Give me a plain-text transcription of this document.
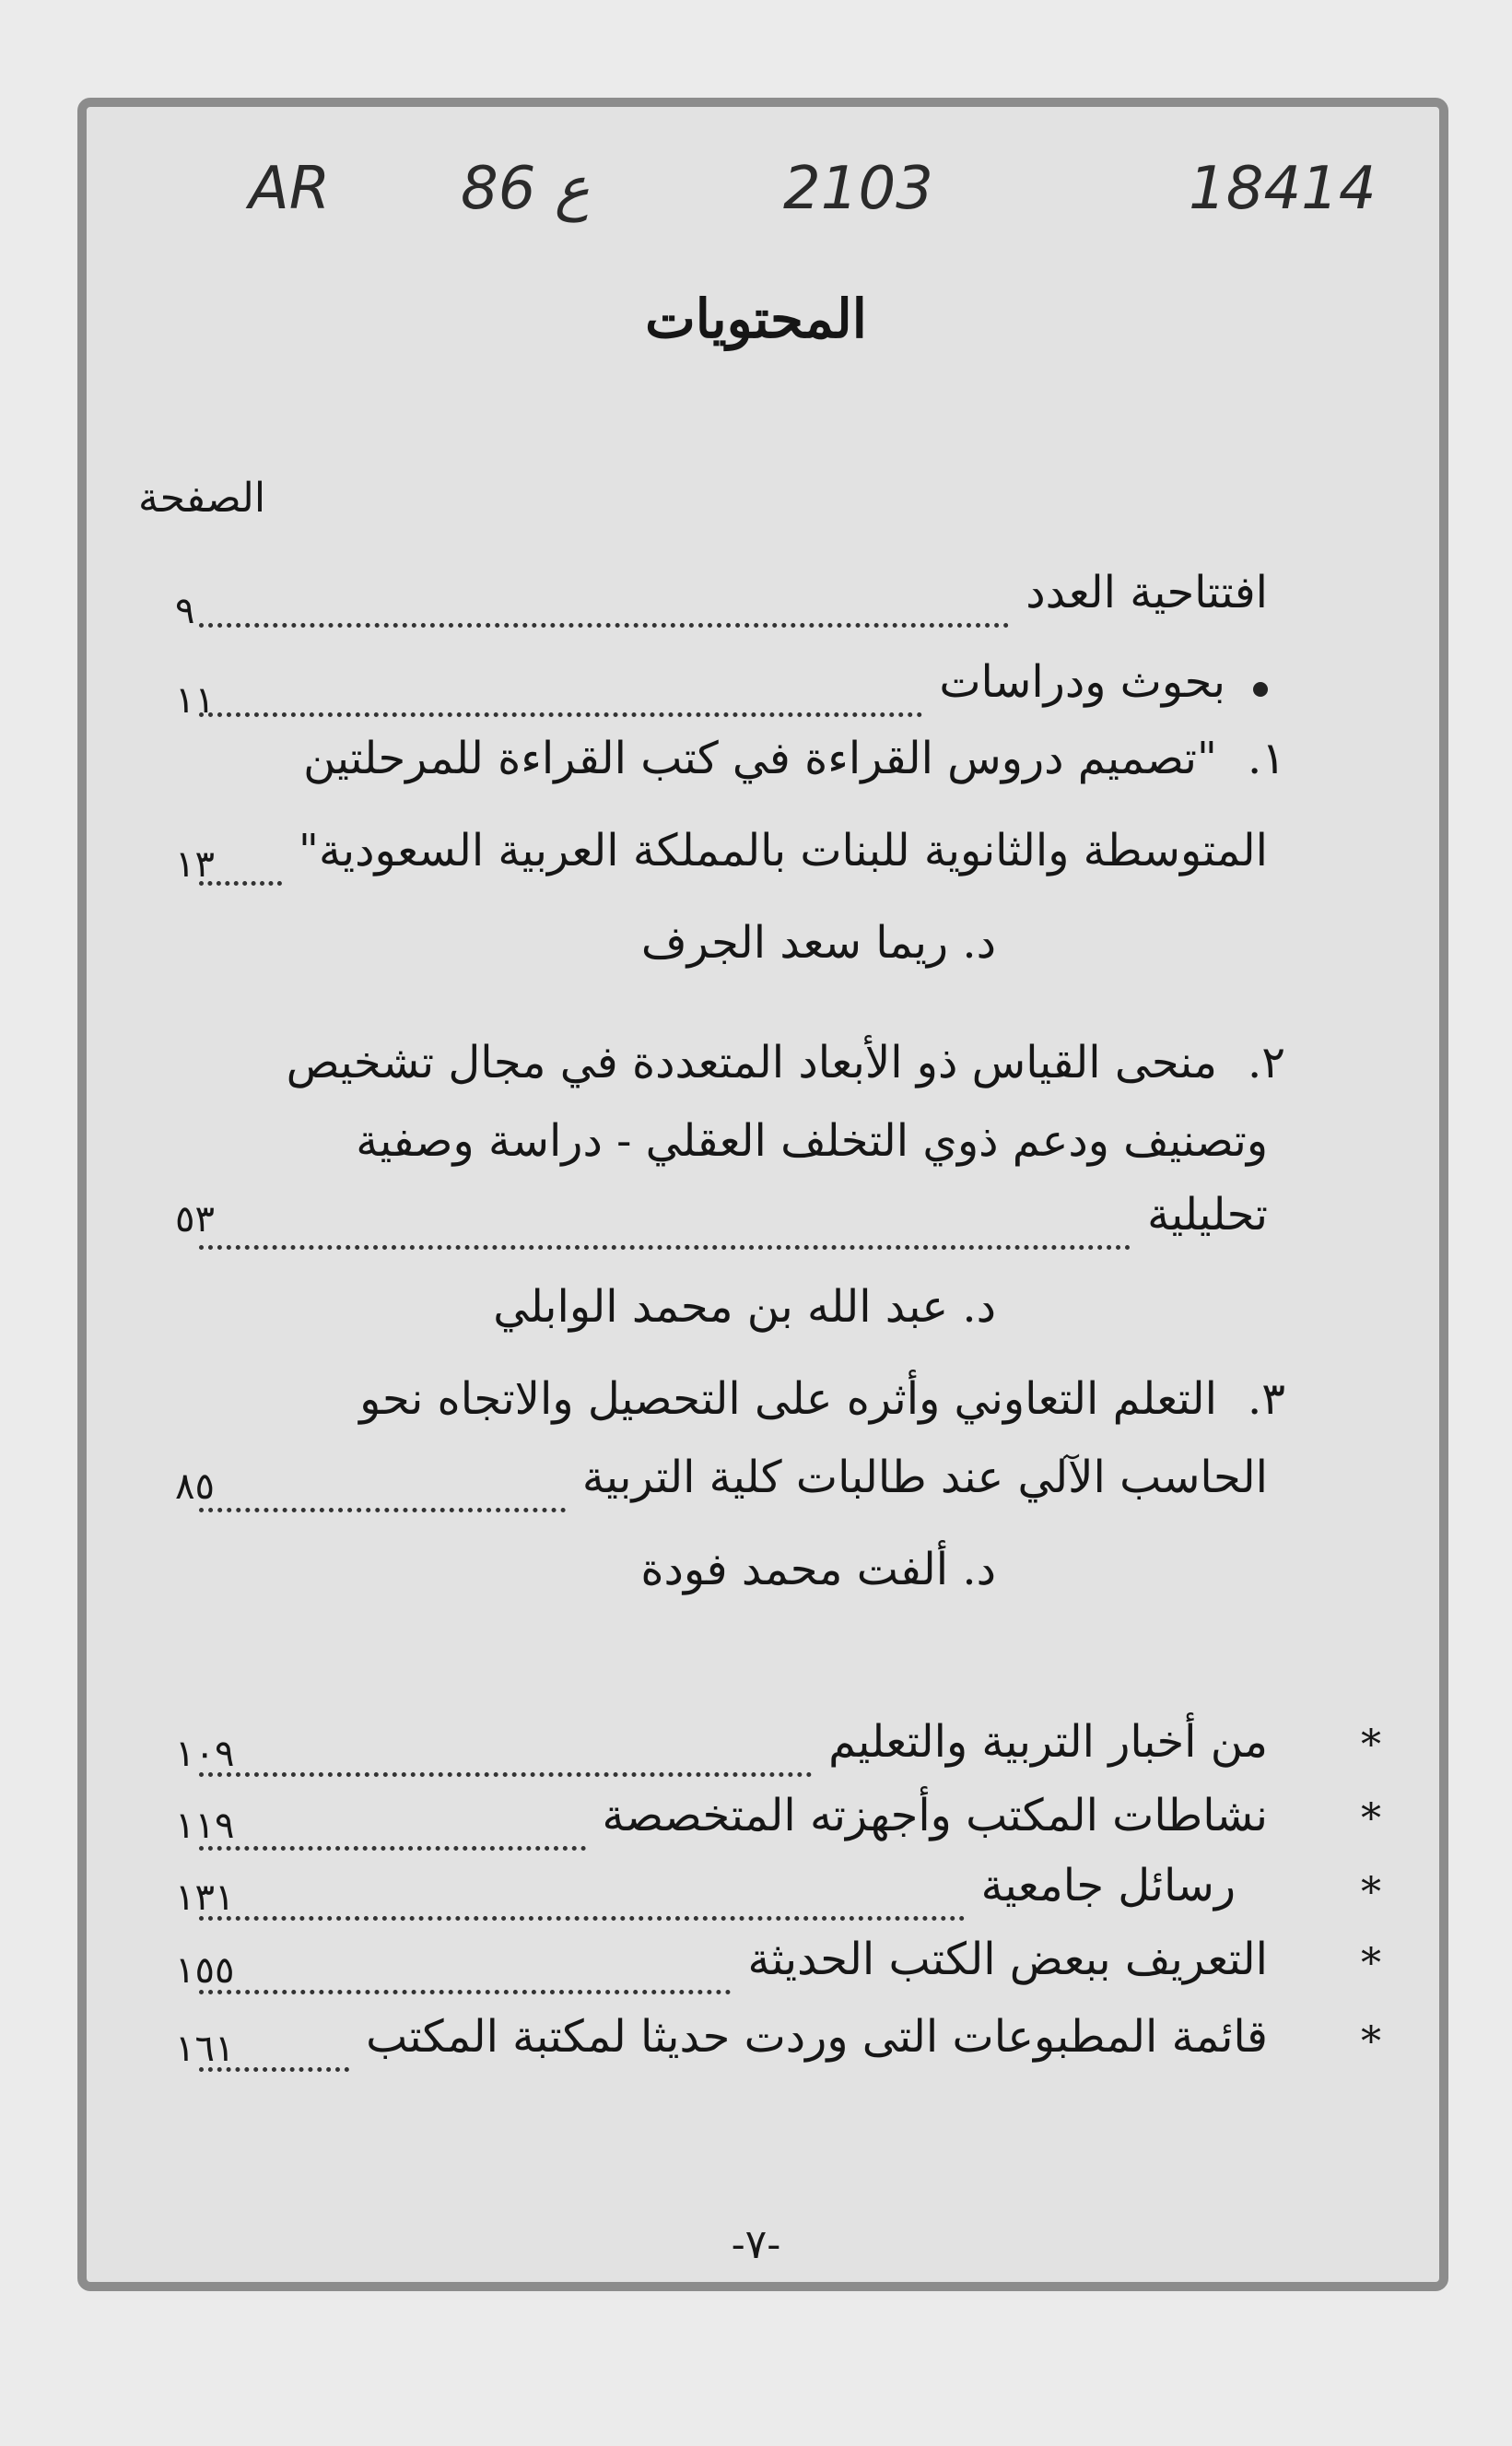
18414
2103
ع 86
AR
المحتويات
الصفحة
افتتاحية العدد
٩
بحوث ودراسات
١١
١.
"تصميم دروس القراءة في كتب القراءة للمرحلتين
المتوسطة والثانوية للبنات بالمملكة العربية السعودية"
١٣
د. ريما سعد الجرف
٢.
منحى القياس ذو الأبعاد المتعددة في مجال تشخيص
وتصنيف ودعم ذوي التخلف العقلي - دراسة وصفية
تحليلية
٥٣
د. عبد الله بن محمد الوابلي
٣.
التعلم التعاوني وأثره على التحصيل والاتجاه نحو
الحاسب الآلي عند طالبات كلية التربية
٨٥
د. ألفت محمد فودة
*
من أخبار التربية والتعليم
١٠٩
*
نشاطات المكتب وأجهزته المتخصصة
١١٩
*
رسائل جامعية
١٣١
*
التعريف ببعض الكتب الحديثة
١٥٥
*
قائمة المطبوعات التى وردت حديثا لمكتبة المكتب
١٦١
-٧-
